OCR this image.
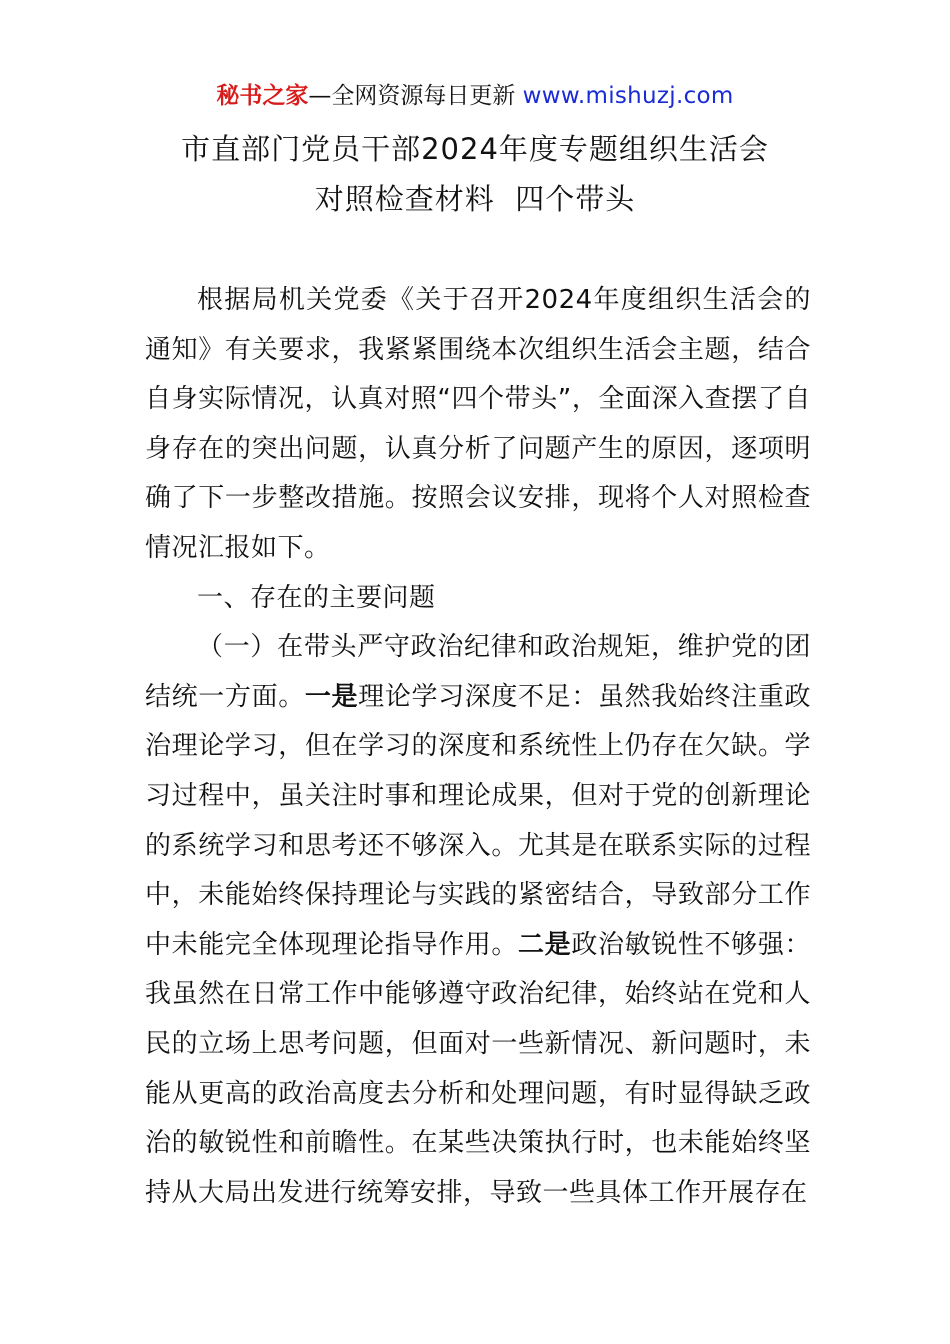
秘书之家—全网资源每日更新 www.mishuzj.com
市直部门党员干部2024年度专题组织生活会
对照检查材料  四个带头

根据局机关党委《关于召开2024年度组织生活会的通知》有关要求，我紧紧围绕本次组织生活会主题，结合自身实际情况，认真对照“四个带头”，全面深入查摆了自身存在的突出问题，认真分析了问题产生的原因，逐项明确了下一步整改措施。按照会议安排，现将个人对照检查情况汇报如下。

一、存在的主要问题

（一）在带头严守政治纪律和政治规矩，维护党的团结统一方面。一是理论学习深度不足：虽然我始终注重政治理论学习，但在学习的深度和系统性上仍存在欠缺。学习过程中，虽关注时事和理论成果，但对于党的创新理论的系统学习和思考还不够深入。尤其是在联系实际的过程中，未能始终保持理论与实践的紧密结合，导致部分工作中未能完全体现理论指导作用。二是政治敏锐性不够强：我虽然在日常工作中能够遵守政治纪律，始终站在党和人民的立场上思考问题，但面对一些新情况、新问题时，未能从更高的政治高度去分析和处理问题，有时显得缺乏政治的敏锐性和前瞻性。在某些决策执行时，也未能始终坚持从大局出发进行统筹安排，导致一些具体工作开展存在
